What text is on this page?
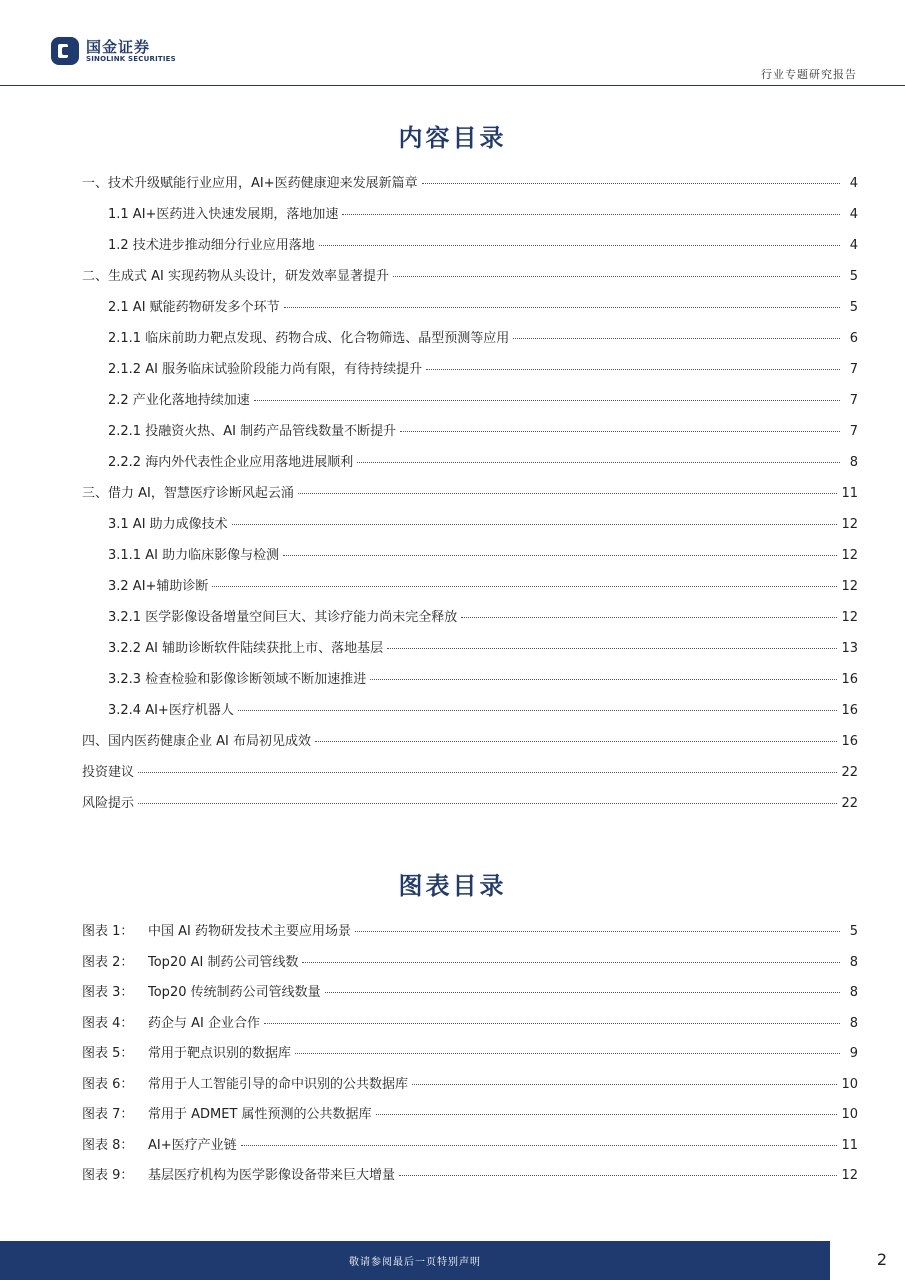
国金证券
SINOLINK SECURITIES
行业专题研究报告
内容目录
一、技术升级赋能行业应用，AI+医药健康迎来发展新篇章	4
1.1 AI+医药进入快速发展期，落地加速	4
1.2 技术进步推动细分行业应用落地	4
二、生成式 AI 实现药物从头设计，研发效率显著提升	5
2.1 AI 赋能药物研发多个环节	5
2.1.1 临床前助力靶点发现、药物合成、化合物筛选、晶型预测等应用	6
2.1.2 AI 服务临床试验阶段能力尚有限，有待持续提升	7
2.2 产业化落地持续加速	7
2.2.1 投融资火热、AI 制药产品管线数量不断提升	7
2.2.2 海内外代表性企业应用落地进展顺利	8
三、借力 AI，智慧医疗诊断风起云涌	11
3.1 AI 助力成像技术	12
3.1.1 AI 助力临床影像与检测	12
3.2 AI+辅助诊断	12
3.2.1 医学影像设备增量空间巨大、其诊疗能力尚未完全释放	12
3.2.2 AI 辅助诊断软件陆续获批上市、落地基层	13
3.2.3 检查检验和影像诊断领域不断加速推进	16
3.2.4 AI+医疗机器人	16
四、国内医药健康企业 AI 布局初见成效	16
投资建议	22
风险提示	22
图表目录
图表 1：	中国 AI 药物研发技术主要应用场景	5
图表 2：	Top20 AI 制药公司管线数	8
图表 3：	Top20 传统制药公司管线数量	8
图表 4：	药企与 AI 企业合作	8
图表 5：	常用于靶点识别的数据库	9
图表 6：	常用于人工智能引导的命中识别的公共数据库	10
图表 7：	常用于 ADMET 属性预测的公共数据库	10
图表 8：	AI+医疗产业链	11
图表 9：	基层医疗机构为医学影像设备带来巨大增量	12
敬请参阅最后一页特别声明	2
